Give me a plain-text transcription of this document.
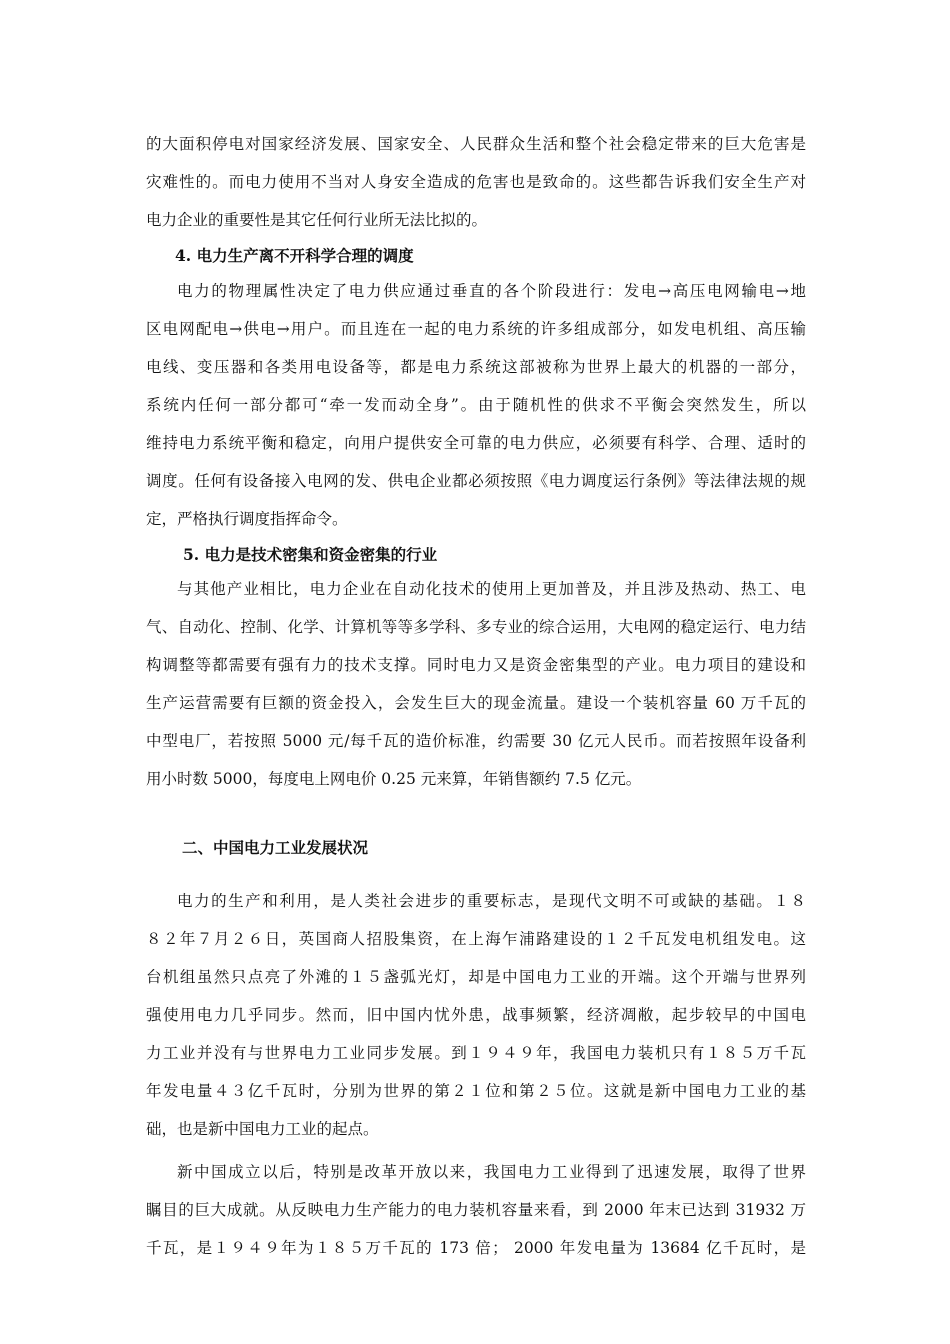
的大面积停电对国家经济发展、国家安全、人民群众生活和整个社会稳定带来的巨大危害是
灾难性的。而电力使用不当对人身安全造成的危害也是致命的。这些都告诉我们安全生产对
电力企业的重要性是其它任何行业所无法比拟的。
4. 电力生产离不开科学合理的调度
电力的物理属性决定了电力供应通过垂直的各个阶段进行：发电→高压电网输电→地
区电网配电→供电→用户。而且连在一起的电力系统的许多组成部分，如发电机组、高压输
电线、变压器和各类用电设备等，都是电力系统这部被称为世界上最大的机器的一部分，
系统内任何一部分都可“牵一发而动全身”。由于随机性的供求不平衡会突然发生，所以
维持电力系统平衡和稳定，向用户提供安全可靠的电力供应，必须要有科学、合理、适时的
调度。任何有设备接入电网的发、供电企业都必须按照《电力调度运行条例》等法律法规的规
定，严格执行调度指挥命令。
5. 电力是技术密集和资金密集的行业
与其他产业相比，电力企业在自动化技术的使用上更加普及，并且涉及热动、热工、电
气、自动化、控制、化学、计算机等等多学科、多专业的综合运用，大电网的稳定运行、电力结
构调整等都需要有强有力的技术支撑。同时电力又是资金密集型的产业。电力项目的建设和
生产运营需要有巨额的资金投入，会发生巨大的现金流量。建设一个装机容量 60 万千瓦的
中型电厂，若按照 5000 元/每千瓦的造价标准，约需要 30 亿元人民币。而若按照年设备利
用小时数 5000，每度电上网电价 0.25 元来算，年销售额约 7.5 亿元。
二、中国电力工业发展状况
电力的生产和利用，是人类社会进步的重要标志，是现代文明不可或缺的基础。１８
８２年７月２６日，英国商人招股集资，在上海乍浦路建设的１２千瓦发电机组发电。这
台机组虽然只点亮了外滩的１５盏弧光灯，却是中国电力工业的开端。这个开端与世界列
强使用电力几乎同步。然而，旧中国内忧外患，战事频繁，经济凋敝，起步较早的中国电
力工业并没有与世界电力工业同步发展。到１９４９年，我国电力装机只有１８５万千瓦
年发电量４３亿千瓦时，分别为世界的第２１位和第２５位。这就是新中国电力工业的基
础，也是新中国电力工业的起点。
新中国成立以后，特别是改革开放以来，我国电力工业得到了迅速发展，取得了世界
瞩目的巨大成就。从反映电力生产能力的电力装机容量来看，到 2000 年末已达到 31932 万
千瓦，是１９４９年为１８５万千瓦的 173 倍； 2000 年发电量为 13684 亿千瓦时，是
